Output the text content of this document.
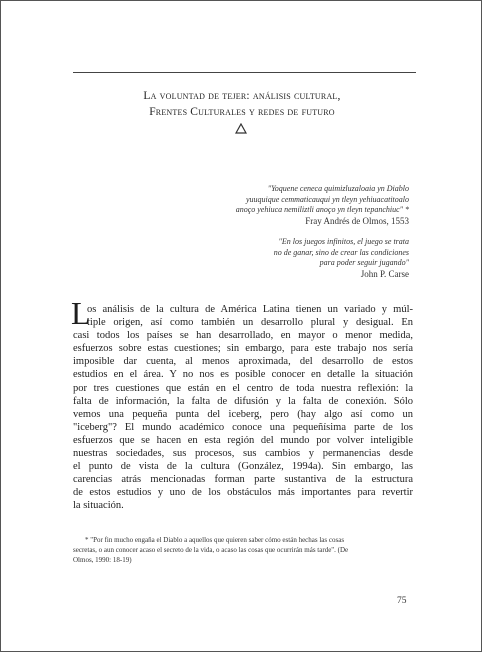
La voluntad de tejer: análisis cultural,
Frentes Culturales y redes de futuro
"Yoquene ceneca quimizluzaloaia yn Diablo
yuuquique cemmaticauqui yn tleyn yehiuacatitoalo
anoço yehiuca nemiliztli anoço yn tleyn tepanchiuc" *
Fray Andrés de Olmos, 1553
"En los juegos infinitos, el juego se trata
no de ganar, sino de crear las condiciones
para poder seguir jugando"
John P. Carse
L
os análisis de la cultura de América Latina tienen un variado y múl-
tiple origen, así como también un desarrollo plural y desigual. En
casi todos los países se han desarrollado, en mayor o menor medida,
esfuerzos sobre estas cuestiones; sin embargo, para este trabajo nos sería
imposible dar cuenta, al menos aproximada, del desarrollo de estos
estudios en el área. Y no nos es posible conocer en detalle la situación
por tres cuestiones que están en el centro de toda nuestra reflexión: la
falta de información, la falta de difusión y la falta de conexión. Sólo
vemos una pequeña punta del iceberg, pero (hay algo así como un
"iceberg"? El mundo académico conoce una pequeñísima parte de los
esfuerzos que se hacen en esta región del mundo por volver inteligible
nuestras sociedades, sus procesos, sus cambios y permanencias desde
el punto de vista de la cultura (González, 1994a). Sin embargo, las
carencias atrás mencionadas forman parte sustantiva de la estructura
de estos estudios y uno de los obstáculos más importantes para revertir
la situación.
* "Por fin mucho engaña el Diablo a aquellos que quieren saber cómo están hechas las cosas
secretas, o aun conocer acaso el secreto de la vida, o acaso las cosas que ocurrirán más tarde". (De
Olmos, 1990: 18-19)
75
